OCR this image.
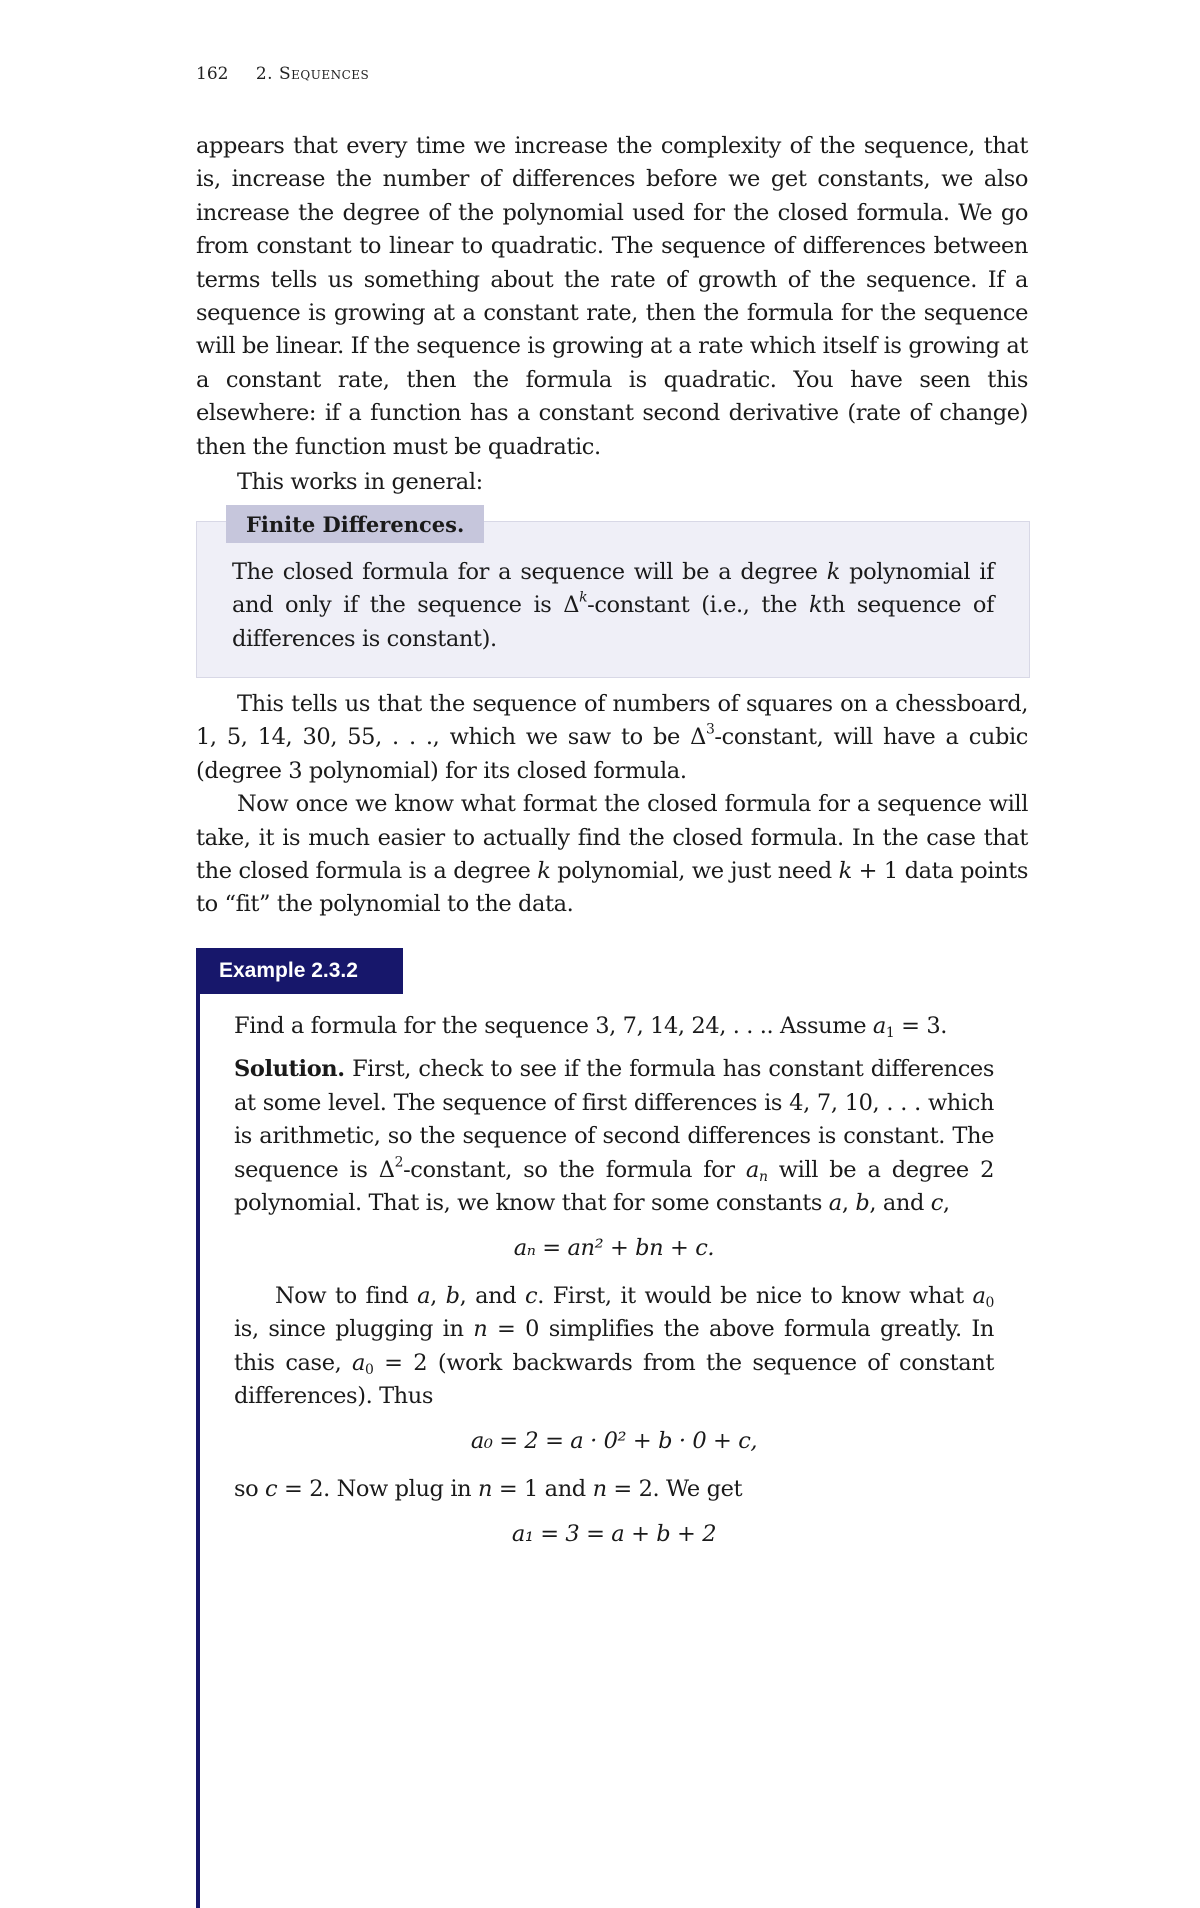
162 2. Sequences

appears that every time we increase the complexity of the sequence, that is, increase the number of differences before we get constants, we also increase the degree of the polynomial used for the closed formula. We go from constant to linear to quadratic. The sequence of differences between terms tells us something about the rate of growth of the sequence. If a sequence is growing at a constant rate, then the formula for the sequence will be linear. If the sequence is growing at a rate which itself is growing at a constant rate, then the formula is quadratic. You have seen this elsewhere: if a function has a constant second derivative (rate of change) then the function must be quadratic.

This works in general:

Finite Differences.
The closed formula for a sequence will be a degree k polynomial if and only if the sequence is $\Delta^k$-constant (i.e., the kth sequence of differences is constant).

This tells us that the sequence of numbers of squares on a chessboard, 1, 5, 14, 30, 55, . . ., which we saw to be $\Delta^3$-constant, will have a cubic (degree 3 polynomial) for its closed formula.

Now once we know what format the closed formula for a sequence will take, it is much easier to actually find the closed formula. In the case that the closed formula is a degree k polynomial, we just need k + 1 data points to “fit” the polynomial to the data.

Example 2.3.2

Find a formula for the sequence 3, 7, 14, 24, . . .. Assume $a_1 = 3$.

Solution. First, check to see if the formula has constant differences at some level. The sequence of first differences is 4, 7, 10, . . . which is arithmetic, so the sequence of second differences is constant. The sequence is $\Delta^2$-constant, so the formula for $a_n$ will be a degree 2 polynomial. That is, we know that for some constants a, b, and c,

aₙ = an² + bn + c.

Now to find a, b, and c. First, it would be nice to know what $a_0$ is, since plugging in n = 0 simplifies the above formula greatly. In this case, $a_0 = 2$ (work backwards from the sequence of constant differences). Thus

a₀ = 2 = a · 0² + b · 0 + c,

so c = 2. Now plug in n = 1 and n = 2. We get

a₁ = 3 = a + b + 2
